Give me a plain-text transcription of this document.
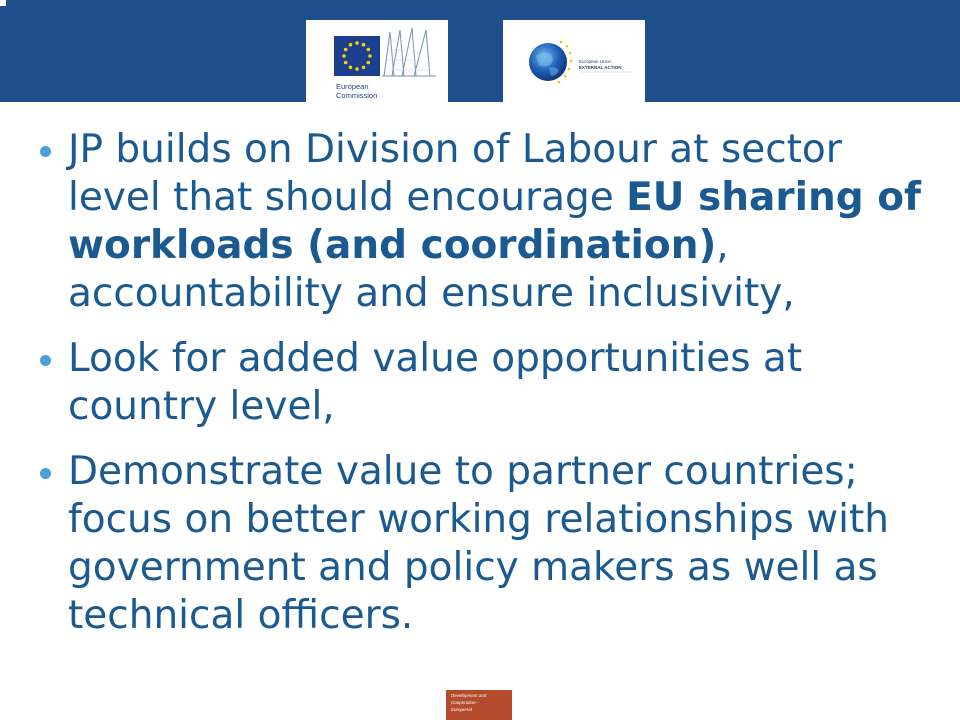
European
Commission
European Union
EXTERNAL ACTION
JP builds on Division of Labour at sector level that should encourage EU sharing of workloads (and coordination), accountability and ensure inclusivity,
Look for added value opportunities at country level,
Demonstrate value to partner countries; focus on better working relationships with government and policy makers as well as technical officers.
Development and
Cooperation –
EuropeAid
